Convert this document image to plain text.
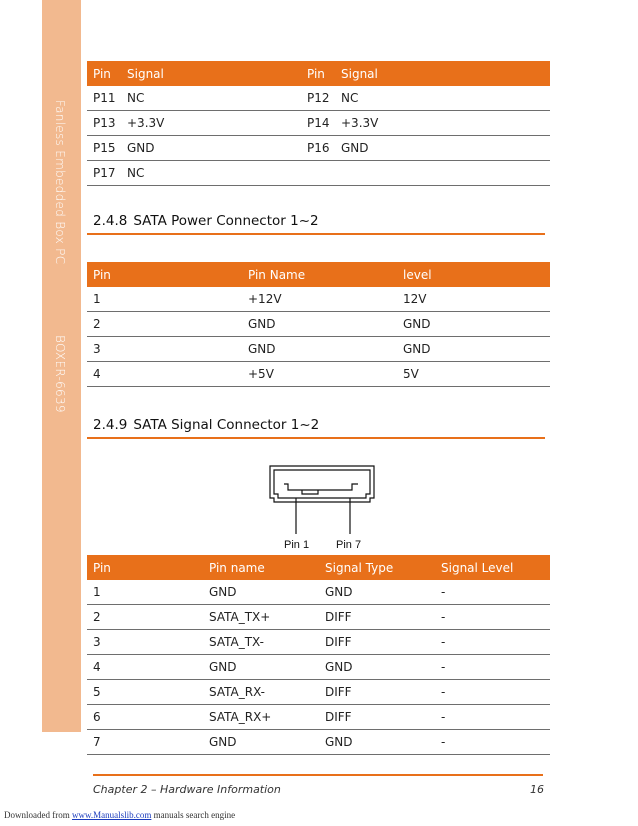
Fanless Embedded Box PC
BOXER-6639
Pin	Signal	Pin	Signal
P11	NC	P12	NC
P13	+3.3V	P14	+3.3V
P15	GND	P16	GND
P17	NC		
2.4.8 SATA Power Connector 1~2
Pin	Pin Name	level
1	+12V	12V
2	GND	GND
3	GND	GND
4	+5V	5V
2.4.9 SATA Signal Connector 1~2
Pin 1 Pin 7
Pin	Pin name	Signal Type	Signal Level
1	GND	GND	-
2	SATA_TX+	DIFF	-
3	SATA_TX-	DIFF	-
4	GND	GND	-
5	SATA_RX-	DIFF	-
6	SATA_RX+	DIFF	-
7	GND	GND	-
Chapter 2 – Hardware Information	16
Downloaded from www.Manualslib.com manuals search engine
